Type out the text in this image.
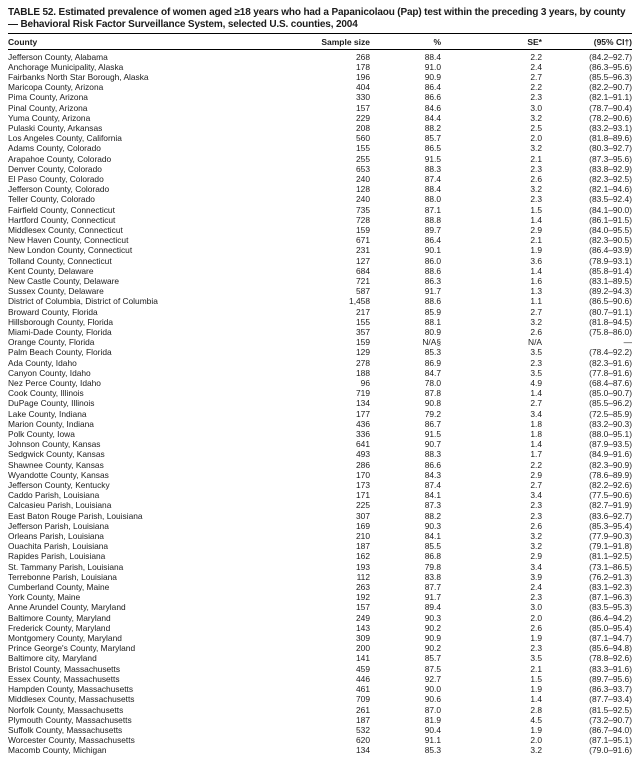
TABLE 52. Estimated prevalence of women aged ≥18 years who had a Papanicolaou (Pap) test within the preceding 3 years, by county — Behavioral Risk Factor Surveillance System, selected U.S. counties, 2004
County	Sample size	%	SE*	(95% CI†)
Jefferson County, Alabama	268	88.4	2.2	(84.2–92.7)
Anchorage Municipality, Alaska	178	91.0	2.4	(86.3–95.6)
Fairbanks North Star Borough, Alaska	196	90.9	2.7	(85.5–96.3)
Maricopa County, Arizona	404	86.4	2.2	(82.2–90.7)
Pima County, Arizona	330	86.6	2.3	(82.1–91.1)
Pinal County, Arizona	157	84.6	3.0	(78.7–90.4)
Yuma County, Arizona	229	84.4	3.2	(78.2–90.6)
Pulaski County, Arkansas	208	88.2	2.5	(83.2–93.1)
Los Angeles County, California	560	85.7	2.0	(81.8–89.6)
Adams County, Colorado	155	86.5	3.2	(80.3–92.7)
Arapahoe County, Colorado	255	91.5	2.1	(87.3–95.6)
Denver County, Colorado	653	88.3	2.3	(83.8–92.9)
El Paso County, Colorado	240	87.4	2.6	(82.3–92.5)
Jefferson County, Colorado	128	88.4	3.2	(82.1–94.6)
Teller County, Colorado	240	88.0	2.3	(83.5–92.4)
Fairfield County, Connecticut	735	87.1	1.5	(84.1–90.0)
Hartford County, Connecticut	728	88.8	1.4	(86.1–91.5)
Middlesex County, Connecticut	159	89.7	2.9	(84.0–95.5)
New Haven County, Connecticut	671	86.4	2.1	(82.3–90.5)
New London County, Connecticut	231	90.1	1.9	(86.4–93.9)
Tolland County, Connecticut	127	86.0	3.6	(78.9–93.1)
Kent County, Delaware	684	88.6	1.4	(85.8–91.4)
New Castle County, Delaware	721	86.3	1.6	(83.1–89.5)
Sussex County, Delaware	587	91.7	1.3	(89.2–94.3)
District of Columbia, District of Columbia	1,458	88.6	1.1	(86.5–90.6)
Broward County, Florida	217	85.9	2.7	(80.7–91.1)
Hillsborough County, Florida	155	88.1	3.2	(81.8–94.5)
Miami-Dade County, Florida	357	80.9	2.6	(75.8–86.0)
Orange County, Florida	159	N/A§	N/A	—
Palm Beach County, Florida	129	85.3	3.5	(78.4–92.2)
Ada County, Idaho	278	86.9	2.3	(82.3–91.6)
Canyon County, Idaho	188	84.7	3.5	(77.8–91.6)
Nez Perce County, Idaho	96	78.0	4.9	(68.4–87.6)
Cook County, Illinois	719	87.8	1.4	(85.0–90.7)
DuPage County, Illinois	134	90.8	2.7	(85.5–96.2)
Lake County, Indiana	177	79.2	3.4	(72.5–85.9)
Marion County, Indiana	436	86.7	1.8	(83.2–90.3)
Polk County, Iowa	336	91.5	1.8	(88.0–95.1)
Johnson County, Kansas	641	90.7	1.4	(87.9–93.5)
Sedgwick County, Kansas	493	88.3	1.7	(84.9–91.6)
Shawnee County, Kansas	286	86.6	2.2	(82.3–90.9)
Wyandotte County, Kansas	170	84.3	2.9	(78.6–89.9)
Jefferson County, Kentucky	173	87.4	2.7	(82.2–92.6)
Caddo Parish, Louisiana	171	84.1	3.4	(77.5–90.6)
Calcasieu Parish, Louisiana	225	87.3	2.3	(82.7–91.9)
East Baton Rouge Parish, Louisiana	307	88.2	2.3	(83.6–92.7)
Jefferson Parish, Louisiana	169	90.3	2.6	(85.3–95.4)
Orleans Parish, Louisiana	210	84.1	3.2	(77.9–90.3)
Ouachita Parish, Louisiana	187	85.5	3.2	(79.1–91.8)
Rapides Parish, Louisiana	162	86.8	2.9	(81.1–92.5)
St. Tammany Parish, Louisiana	193	79.8	3.4	(73.1–86.5)
Terrebonne Parish, Louisiana	112	83.8	3.9	(76.2–91.3)
Cumberland County, Maine	263	87.7	2.4	(83.1–92.3)
York County, Maine	192	91.7	2.3	(87.1–96.3)
Anne Arundel County, Maryland	157	89.4	3.0	(83.5–95.3)
Baltimore County, Maryland	249	90.3	2.0	(86.4–94.2)
Frederick County, Maryland	143	90.2	2.6	(85.0–95.4)
Montgomery County, Maryland	309	90.9	1.9	(87.1–94.7)
Prince George's County, Maryland	200	90.2	2.3	(85.6–94.8)
Baltimore city, Maryland	141	85.7	3.5	(78.8–92.6)
Bristol County, Massachusetts	459	87.5	2.1	(83.3–91.6)
Essex County, Massachusetts	446	92.7	1.5	(89.7–95.6)
Hampden County, Massachusetts	461	90.0	1.9	(86.3–93.7)
Middlesex County, Massachusetts	709	90.6	1.4	(87.7–93.4)
Norfolk County, Massachusetts	261	87.0	2.8	(81.5–92.5)
Plymouth County, Massachusetts	187	81.9	4.5	(73.2–90.7)
Suffolk County, Massachusetts	532	90.4	1.9	(86.7–94.0)
Worcester County, Massachusetts	620	91.1	2.0	(87.1–95.1)
Macomb County, Michigan	134	85.3	3.2	(79.0–91.6)
